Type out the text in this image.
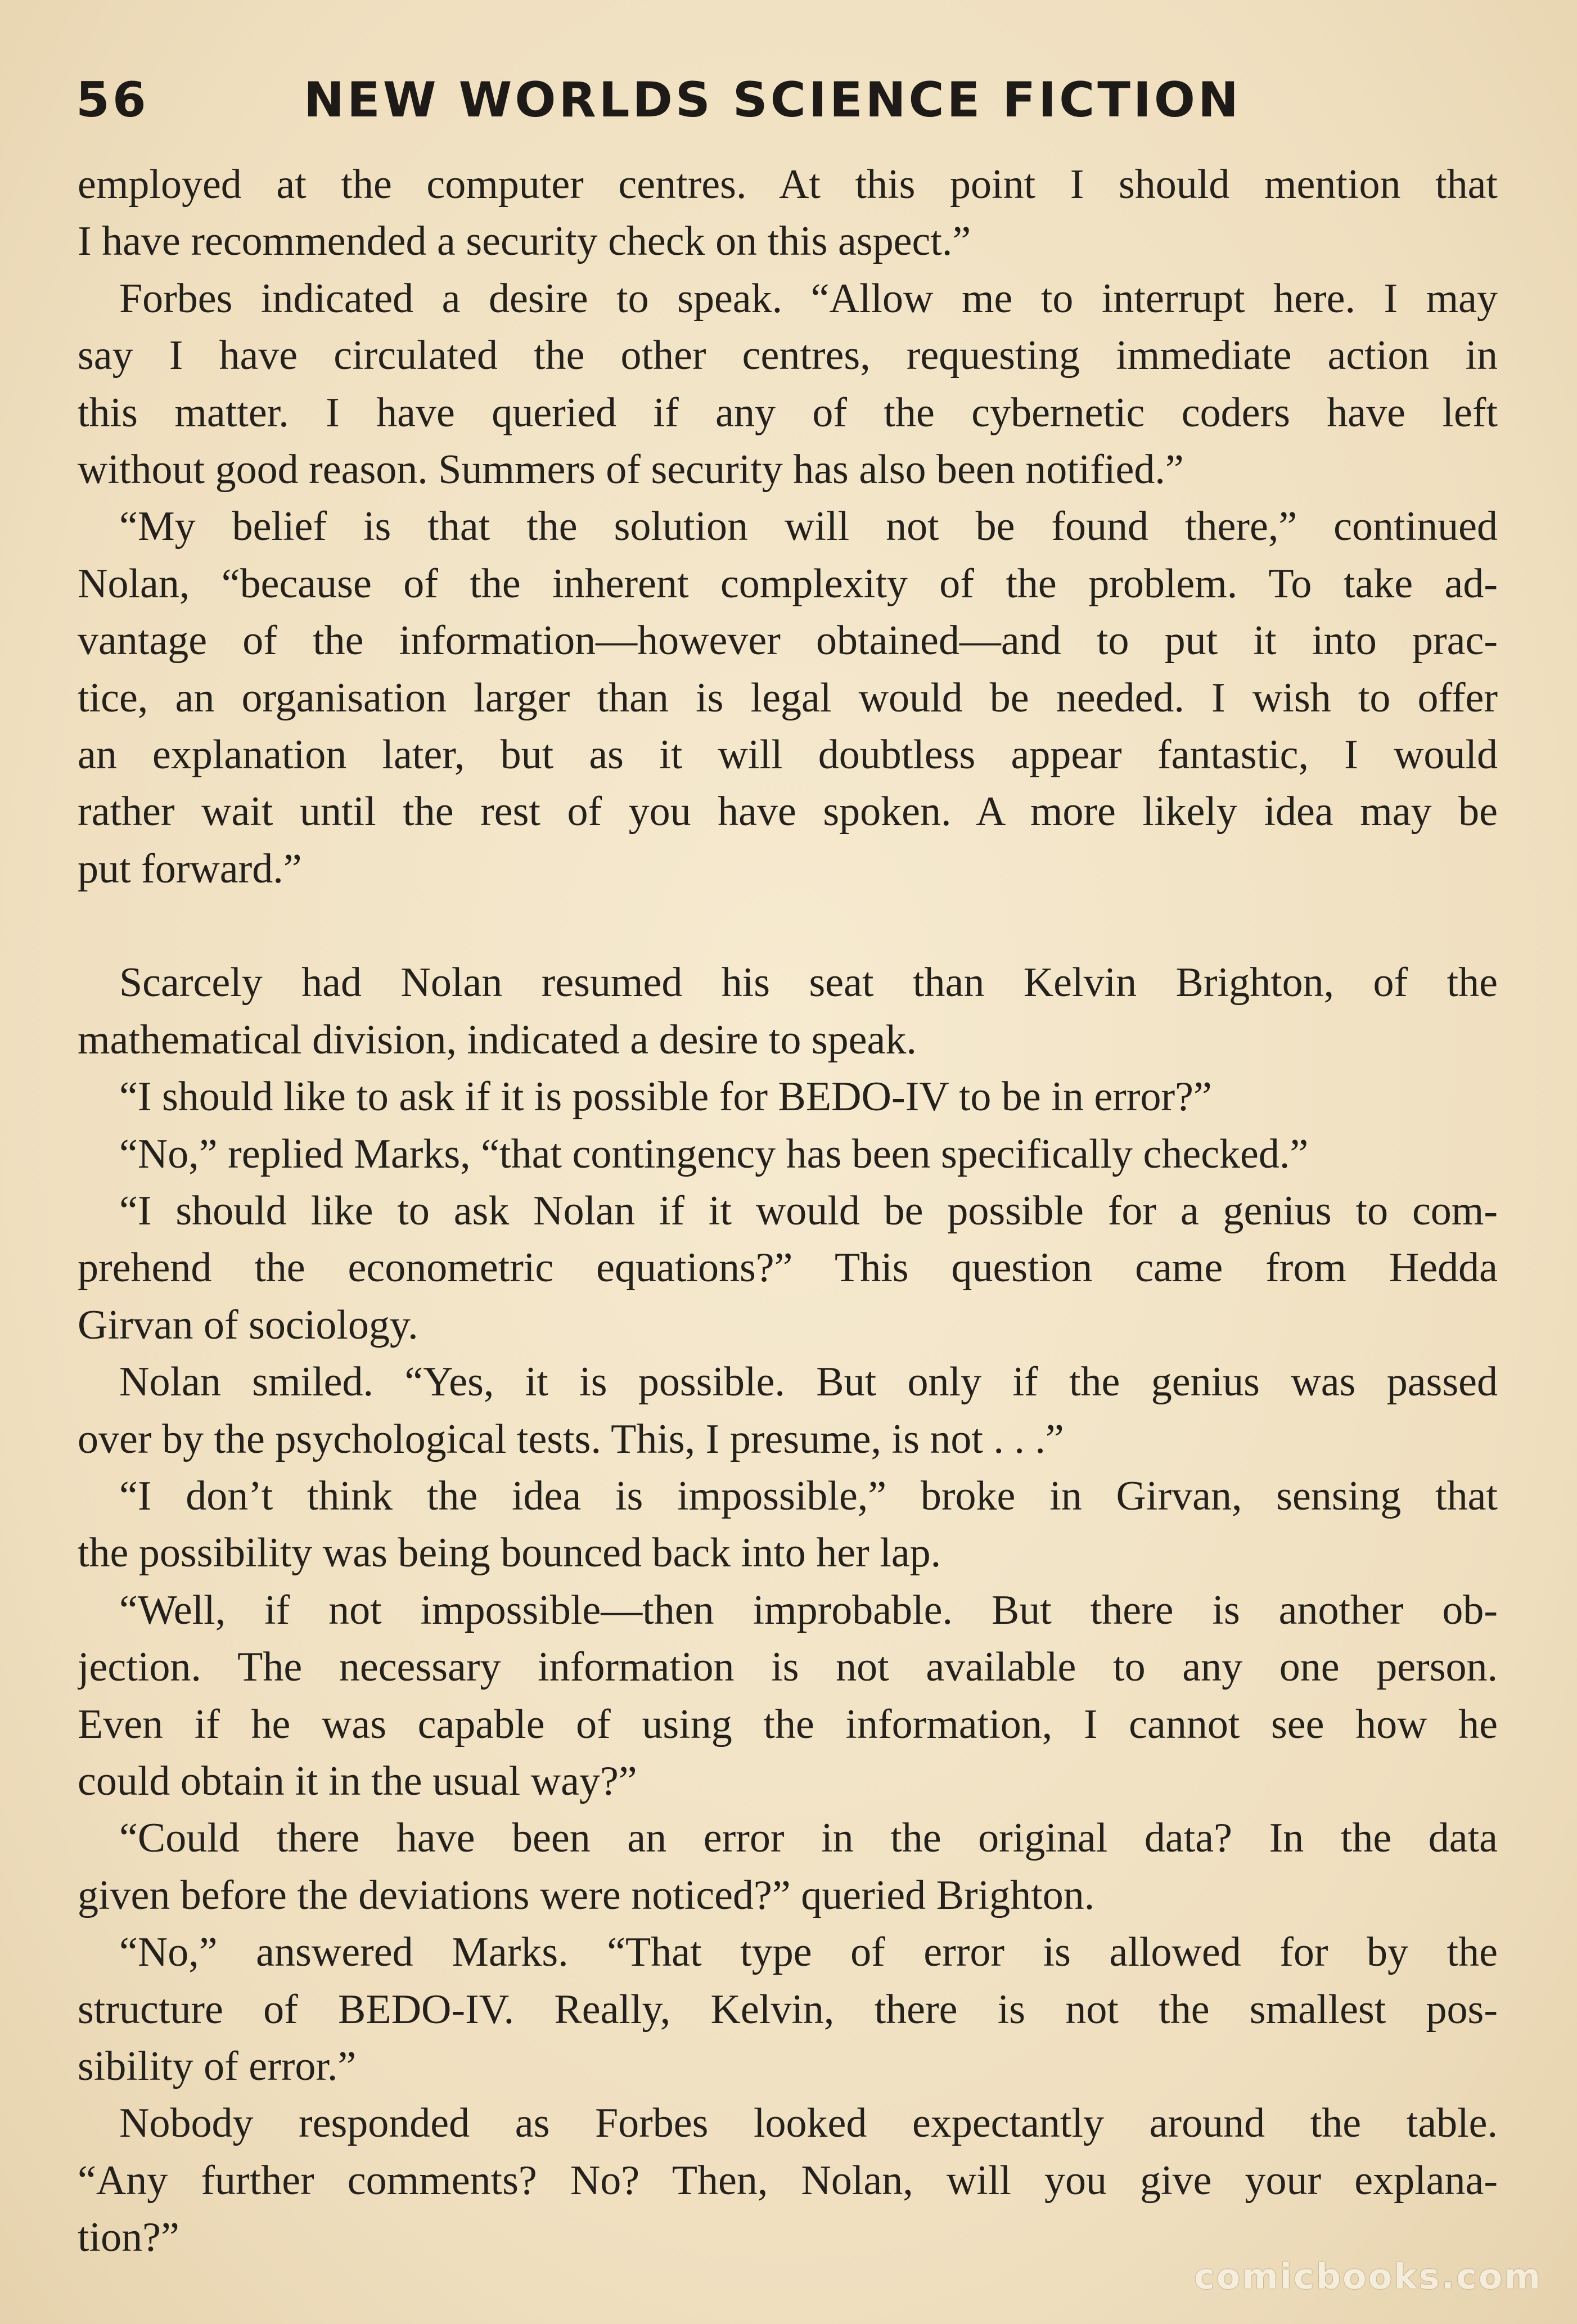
56	NEW WORLDS SCIENCE FICTION
employed at the computer centres. At this point I should mention that
I have recommended a security check on this aspect.”
 Forbes indicated a desire to speak. “Allow me to interrupt here. I may
say I have circulated the other centres, requesting immediate action in
this matter. I have queried if any of the cybernetic coders have left
without good reason. Summers of security has also been notified.”
 “My belief is that the solution will not be found there,” continued
Nolan, “because of the inherent complexity of the problem. To take ad-
vantage of the information—however obtained—and to put it into prac-
tice, an organisation larger than is legal would be needed. I wish to offer
an explanation later, but as it will doubtless appear fantastic, I would
rather wait until the rest of you have spoken. A more likely idea may be
put forward.”
 Scarcely had Nolan resumed his seat than Kelvin Brighton, of the
mathematical division, indicated a desire to speak.
 “I should like to ask if it is possible for BEDO-IV to be in error?”
 “No,” replied Marks, “that contingency has been specifically checked.”
 “I should like to ask Nolan if it would be possible for a genius to com-
prehend the econometric equations?” This question came from Hedda
Girvan of sociology.
 Nolan smiled. “Yes, it is possible. But only if the genius was passed
over by the psychological tests. This, I presume, is not . . .”
 “I don’t think the idea is impossible,” broke in Girvan, sensing that
the possibility was being bounced back into her lap.
 “Well, if not impossible—then improbable. But there is another ob-
jection. The necessary information is not available to any one person.
Even if he was capable of using the information, I cannot see how he
could obtain it in the usual way?”
 “Could there have been an error in the original data? In the data
given before the deviations were noticed?” queried Brighton.
 “No,” answered Marks. “That type of error is allowed for by the
structure of BEDO-IV. Really, Kelvin, there is not the smallest pos-
sibility of error.”
 Nobody responded as Forbes looked expectantly around the table.
“Any further comments? No? Then, Nolan, will you give your explana-
tion?”
comicbooks.com
